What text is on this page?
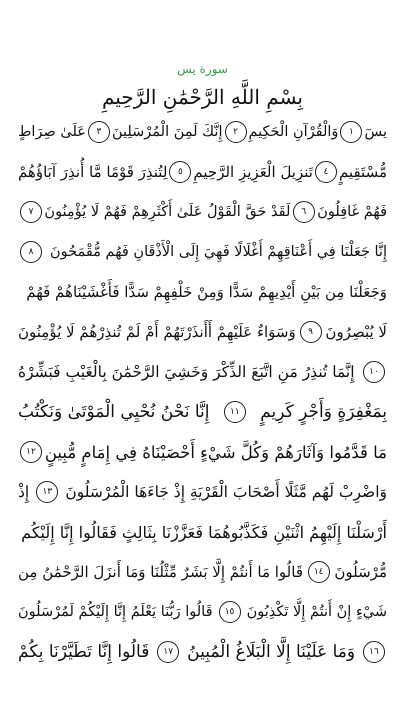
سورة يس
بِسْمِ اللَّهِ الرَّحْمَٰنِ الرَّحِيمِ
يسٓ
١
وَالْقُرْآنِ الْحَكِيمِ
٢
إِنَّكَ لَمِنَ الْمُرْسَلِينَ
٣
عَلَىٰ صِرَاطٍ
مُّسْتَقِيمٍ
٤
تَنزِيلَ الْعَزِيزِ الرَّحِيمِ
٥
لِتُنذِرَ قَوْمًا مَّا أُنذِرَ آبَاؤُهُمْ
فَهُمْ غَافِلُونَ
٦
لَقَدْ حَقَّ الْقَوْلُ عَلَىٰ أَكْثَرِهِمْ فَهُمْ لَا يُؤْمِنُونَ
٧
إِنَّا جَعَلْنَا فِي أَعْنَاقِهِمْ أَغْلَالًا فَهِيَ إِلَى الْأَذْقَانِ فَهُم مُّقْمَحُونَ
٨
وَجَعَلْنَا مِن بَيْنِ أَيْدِيهِمْ سَدًّا وَمِنْ خَلْفِهِمْ سَدًّا فَأَغْشَيْنَاهُمْ فَهُمْ
لَا يُبْصِرُونَ
٩
وَسَوَاءٌ عَلَيْهِمْ أَأَنذَرْتَهُمْ أَمْ لَمْ تُنذِرْهُمْ لَا يُؤْمِنُونَ
١٠
إِنَّمَا تُنذِرُ مَنِ اتَّبَعَ الذِّكْرَ وَخَشِيَ الرَّحْمَٰنَ بِالْغَيْبِ فَبَشِّرْهُ
بِمَغْفِرَةٍ وَأَجْرٍ كَرِيمٍ
١١
إِنَّا نَحْنُ نُحْيِي الْمَوْتَىٰ وَنَكْتُبُ
مَا قَدَّمُوا وَآثَارَهُمْ وَكُلَّ شَيْءٍ أَحْصَيْنَاهُ فِي إِمَامٍ مُّبِينٍ
١٢
وَاضْرِبْ لَهُم مَّثَلًا أَصْحَابَ الْقَرْيَةِ إِذْ جَاءَهَا الْمُرْسَلُونَ
١٣
إِذْ
أَرْسَلْنَا إِلَيْهِمُ اثْنَيْنِ فَكَذَّبُوهُمَا فَعَزَّزْنَا بِثَالِثٍ فَقَالُوا إِنَّا إِلَيْكُم
مُّرْسَلُونَ
١٤
قَالُوا مَا أَنتُمْ إِلَّا بَشَرٌ مِّثْلُنَا وَمَا أَنزَلَ الرَّحْمَٰنُ مِن
شَيْءٍ إِنْ أَنتُمْ إِلَّا تَكْذِبُونَ
١٥
قَالُوا رَبُّنَا يَعْلَمُ إِنَّا إِلَيْكُمْ لَمُرْسَلُونَ
١٦
وَمَا عَلَيْنَا إِلَّا الْبَلَاغُ الْمُبِينُ
١٧
قَالُوا إِنَّا تَطَيَّرْنَا بِكُمْ
